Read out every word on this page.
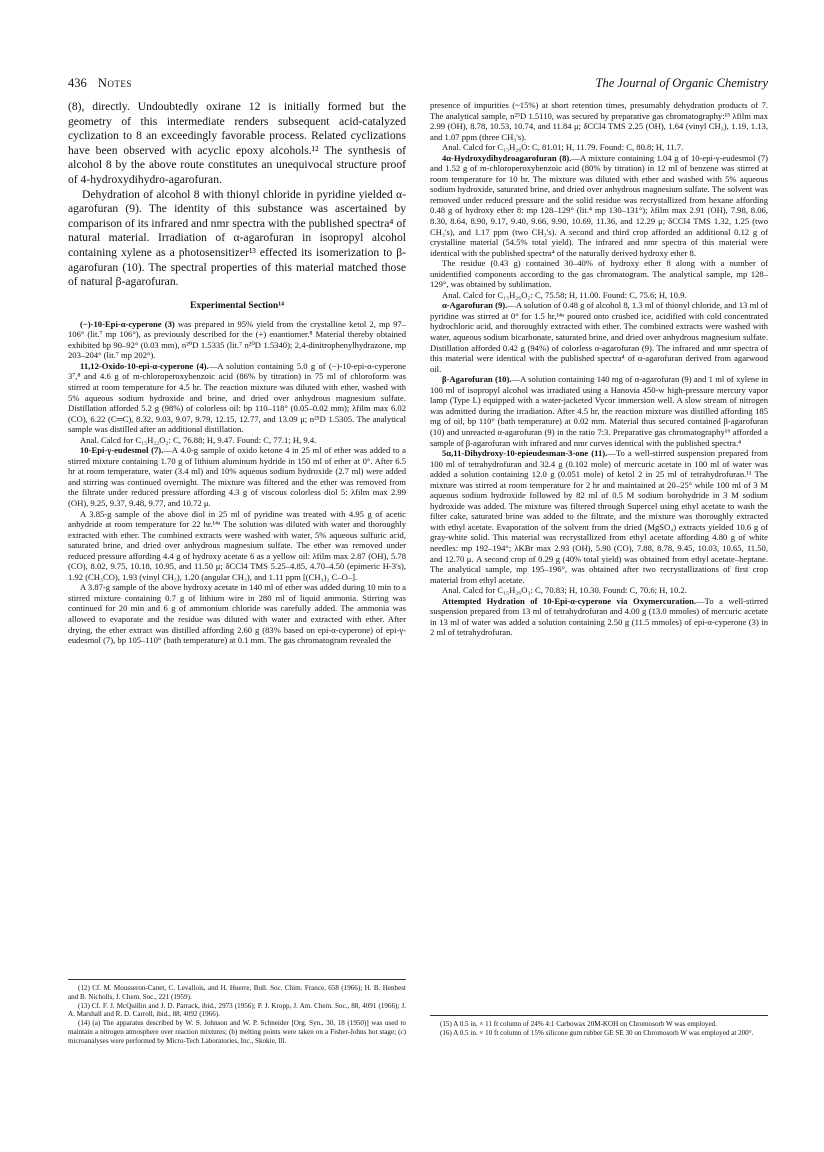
436 Notes	The Journal of Organic Chemistry

(8), directly. Undoubtedly oxirane 12 is initially formed but the geometry of this intermediate renders subsequent acid-catalyzed cyclization to 8 an exceedingly favorable process. Related cyclizations have been observed with acyclic epoxy alcohols.¹² The synthesis of alcohol 8 by the above route constitutes an unequivocal structure proof of 4-hydroxydihydro-agarofuran.

Dehydration of alcohol 8 with thionyl chloride in pyridine yielded α-agarofuran (9). The identity of this substance was ascertained by comparison of its infrared and nmr spectra with the published spectra⁴ of natural material. Irradiation of α-agarofuran in isopropyl alcohol containing xylene as a photosensitizer¹³ effected its isomerization to β-agarofuran (10). The spectral properties of this material matched those of natural β-agarofuran.

Experimental Section¹⁴

(−)-10-Epi-α-cyperone (3) was prepared in 95% yield from the crystalline ketol 2, mp 97–106° (lit.⁷ mp 106°), as previously described for the (+) enantiomer.⁸ Material thereby obtained exhibited bp 90–92° (0.03 mm), n²⁰D 1.5335 (lit.⁷ n²⁰D 1.5340); 2,4-dinitrophenylhydrazone, mp 203–204° (lit.⁷ mp 202°).

11,12-Oxido-10-epi-α-cyperone (4).—A solution containing 5.0 g of (−)-10-epi-α-cyperone 3⁷,⁸ and 4.6 g of m-chloroperoxybenzoic acid (86% by titration) in 75 ml of chloroform was stirred at room temperature for 4.5 hr. The reaction mixture was diluted with ether, washed with 5% aqueous sodium hydroxide and brine, and dried over anhydrous magnesium sulfate. Distillation afforded 5.2 g (98%) of colorless oil: bp 110–118° (0.05–0.02 mm); λfilm max 6.02 (CO), 6.22 (C═C), 8.32, 9.03, 9.07, 9.79, 12.15, 12.77, and 13.09 μ; n²⁵D 1.5305. The analytical sample was distilled after an additional distillation.

Anal. Calcd for C₁₅H₂₂O₂: C, 76.88; H, 9.47. Found: C, 77.1; H, 9.4.

10-Epi-γ-eudesmol (7).—A 4.0-g sample of oxido ketone 4 in 25 ml of ether was added to a stirred mixture containing 1.70 g of lithium aluminum hydride in 150 ml of ether at 0°. After 6.5 hr at room temperature, water (3.4 ml) and 10% aqueous sodium hydroxide (2.7 ml) were added and stirring was continued overnight. The mixture was filtered and the ether was removed from the filtrate under reduced pressure affording 4.3 g of viscous colorless diol 5: λfilm max 2.99 (OH), 9.25, 9.37, 9.48, 9.77, and 10.72 μ.

A 3.85-g sample of the above diol in 25 ml of pyridine was treated with 4.95 g of acetic anhydride at room temperature for 22 hr.¹⁴ᵃ The solution was diluted with water and thoroughly extracted with ether. The combined extracts were washed with water, 5% aqueous sulfuric acid, saturated brine, and dried over anhydrous magnesium sulfate. The ether was removed under reduced pressure affording 4.4 g of hydroxy acetate 6 as a yellow oil: λfilm max 2.87 (OH), 5.78 (CO), 8.02, 9.75, 10.18, 10.95, and 11.50 μ; δCCl4 TMS 5.25–4.85, 4.70–4.50 (epimeric H-3's), 1.92 (CH₃CO), 1.93 (vinyl CH₃), 1.20 (angular CH₃), and 1.11 ppm [(CH₃)₂ C–O–].

A 3.87-g sample of the above hydroxy acetate in 140 ml of ether was added during 10 min to a stirred mixture containing 0.7 g of lithium wire in 280 ml of liquid ammonia. Stirring was continued for 20 min and 6 g of ammonium chloride was carefully added. The ammonia was allowed to evaporate and the residue was diluted with water and extracted with ether. After drying, the ether extract was distilled affording 2.60 g (83% based on epi-α-cyperone) of epi-γ-eudesmol (7), bp 105–110° (bath temperature) at 0.1 mm. The gas chromatogram revealed the

(12) Cf. M. Mousseron-Canet, C. Levallois, and H. Huerre, Bull. Soc. Chim. France, 658 (1966); H. B. Henbest and B. Nicholls, J. Chem. Soc., 221 (1959).

(13) Cf. F. J. McQuillin and J. D. Parrack, ibid., 2973 (1956); P. J. Kropp, J. Am. Chem. Soc., 88, 4091 (1966); J. A. Marshall and R. D. Carroll, ibid., 88, 4092 (1966).

(14) (a) The apparatus described by W. S. Johnson and W. P. Schneider [Org. Syn., 30, 18 (1950)] was used to maintain a nitrogen atmosphere over reaction mixtures; (b) melting points were taken on a Fisher-Johns hot stage; (c) microanalyses were performed by Micro-Tech Laboratories, Inc., Skokie, Ill.

presence of impurities (~15%) at short retention times, presumably dehydration products of 7. The analytical sample, n²⁵D 1.5110, was secured by preparative gas chromatography:¹⁵ λfilm max 2.99 (OH), 8.78, 10.53, 10.74, and 11.84 μ; δCCl4 TMS 2.25 (OH), 1.64 (vinyl CH₃), 1.19, 1.13, and 1.07 ppm (three CH₃'s).

Anal. Calcd for C₁₅H₂₆O: C, 81.01; H, 11.79. Found: C, 80.8; H, 11.7.

4α-Hydroxydihydroagarofuran (8).—A mixture containing 1.04 g of 10-epi-γ-eudesmol (7) and 1.52 g of m-chloroperoxybenzoic acid (80% by titration) in 12 ml of benzene was stirred at room temperature for 10 hr. The mixture was diluted with ether and washed with 5% aqueous sodium hydroxide, saturated brine, and dried over anhydrous magnesium sulfate. The solvent was removed under reduced pressure and the solid residue was recrystallized from hexane affording 0.48 g of hydroxy ether 8: mp 128–129° (lit.⁴ mp 130–131°); λfilm max 2.91 (OH), 7.98, 8.06, 8.30, 8.64, 8.90, 9.17, 9.40, 9.66, 9.90, 10.69, 11.36, and 12.29 μ; δCCl4 TMS 1.32, 1.25 (two CH₃'s), and 1.17 ppm (two CH₃'s). A second and third crop afforded an additional 0.12 g of crystalline material (54.5% total yield). The infrared and nmr spectra of this material were identical with the published spectra⁴ of the naturally derived hydroxy ether 8.

The residue (0.43 g) contained 30–40% of hydroxy ether 8 along with a number of unidentified components according to the gas chromatogram. The analytical sample, mp 128–129°, was obtained by sublimation.

Anal. Calcd for C₁₅H₂₆O₂: C, 75.58; H, 11.00. Found: C, 75.6; H, 10.9.

α-Agarofuran (9).—A solution of 0.48 g of alcohol 8, 1.3 ml of thionyl chloride, and 13 ml of pyridine was stirred at 0° for 1.5 hr,¹⁴ᵃ poured onto crushed ice, acidified with cold concentrated hydrochloric acid, and thoroughly extracted with ether. The combined extracts were washed with water, aqueous sodium bicarbonate, saturated brine, and dried over anhydrous magnesium sulfate. Distillation afforded 0.42 g (94%) of colorless α-agarofuran (9). The infrared and nmr spectra of this material were identical with the published spectra⁴ of α-agarofuran derived from agarwood oil.

β-Agarofuran (10).—A solution containing 140 mg of α-agarofuran (9) and 1 ml of xylene in 100 ml of isopropyl alcohol was irradiated using a Hanovia 450-w high-pressure mercury vapor lamp (Type L) equipped with a water-jacketed Vycor immersion well. A slow stream of nitrogen was admitted during the irradiation. After 4.5 hr, the reaction mixture was distilled affording 185 mg of oil, bp 110° (bath temperature) at 0.02 mm. Material thus secured contained β-agarofuran (10) and unreacted α-agarofuran (9) in the ratio 7:3. Preparative gas chromatography¹⁶ afforded a sample of β-agarofuran with infrared and nmr curves identical with the published spectra.⁴

5α,11-Dihydroxy-10-epieudesman-3-one (11).—To a well-stirred suspension prepared from 100 ml of tetrahydrofuran and 32.4 g (0.102 mole) of mercuric acetate in 100 ml of water was added a solution containing 12.0 g (0.051 mole) of ketol 2 in 25 ml of tetrahydrofuran.¹¹ The mixture was stirred at room temperature for 2 hr and maintained at 20–25° while 100 ml of 3 M aqueous sodium hydroxide followed by 82 ml of 0.5 M sodium borohydride in 3 M sodium hydroxide was added. The mixture was filtered through Supercel using ethyl acetate to wash the filter cake, saturated brine was added to the filtrate, and the mixture was thoroughly extracted with ethyl acetate. Evaporation of the solvent from the dried (MgSO₄) extracts yielded 10.6 g of gray-white solid. This material was recrystallized from ethyl acetate affording 4.80 g of white needles: mp 192–194°; λKBr max 2.93 (OH), 5.90 (CO), 7.88, 8.78, 9.45, 10.03, 10.65, 11.50, and 12.70 μ. A second crop of 0.29 g (40% total yield) was obtained from ethyl acetate–heptane. The analytical sample, mp 195–196°, was obtained after two recrystallizations of first crop material from ethyl acetate.

Anal. Calcd for C₁₅H₂₆O₃: C, 70.83; H, 10.30. Found: C, 70.6; H, 10.2.

Attempted Hydration of 10-Epi-α-cyperone via Oxymercuration.—To a well-stirred suspension prepared from 13 ml of tetrahydrofuran and 4.00 g (13.0 mmoles) of mercuric acetate in 13 ml of water was added a solution containing 2.50 g (11.5 mmoles) of epi-α-cyperone (3) in 2 ml of tetrahydrofuran.

(15) A 0.5 in. × 11 ft column of 24% 4:1 Carbowax 20M-KOH on Chromosorb W was employed.

(16) A 0.5 in. × 10 ft column of 15% silicone gum rubber GE SE 30 on Chromosorb W was employed at 200°.
